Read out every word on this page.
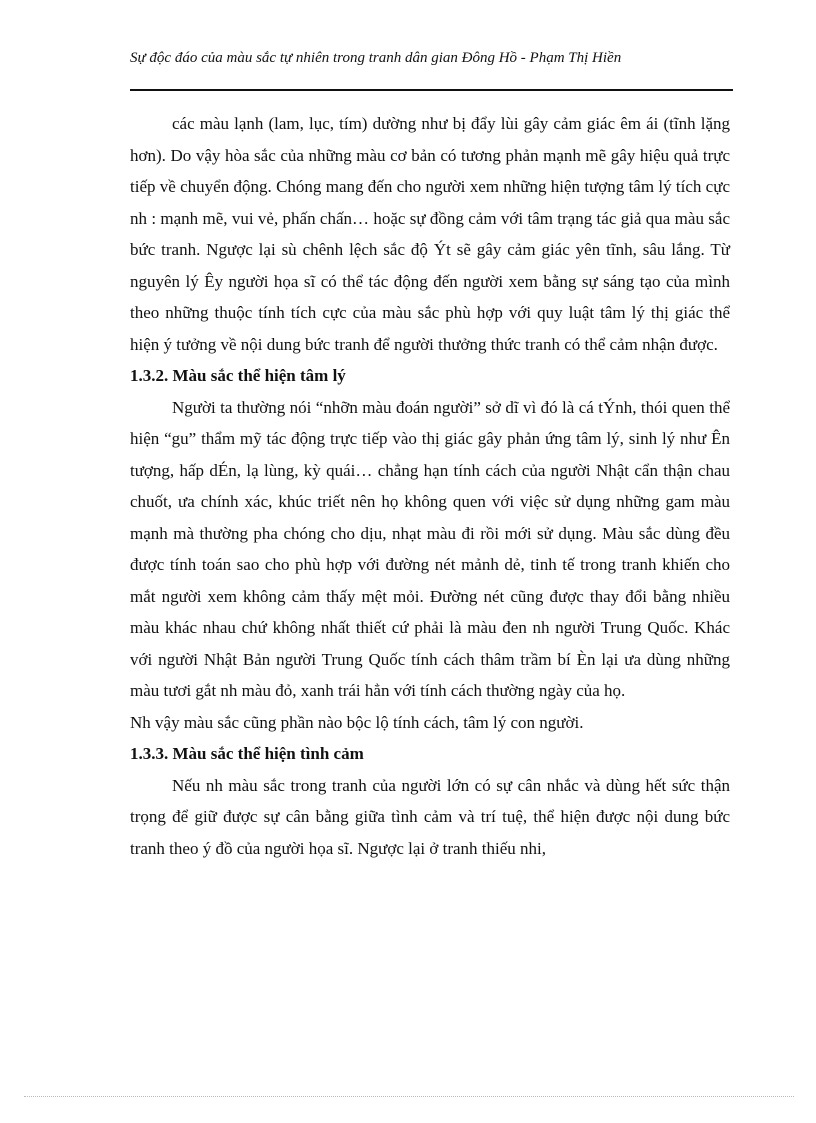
Sự độc đáo của màu sắc tự nhiên trong tranh dân gian Đông Hồ - Phạm Thị Hiền

các màu lạnh (lam, lục, tím) dường như bị đẩy lùi gây cảm giác êm ái (tĩnh lặng hơn). Do vậy hòa sắc của những màu cơ bản có tương phản mạnh mẽ gây hiệu quả trực tiếp về chuyển động. Chóng mang đến cho người xem những hiện tượng tâm lý tích cực nh : mạnh mẽ, vui vẻ, phấn chấn… hoặc sự đồng cảm với tâm trạng tác giả qua màu sắc bức tranh. Ngược lại sù chênh lệch sắc độ Ýt sẽ gây cảm giác yên tĩnh, sâu lắng. Từ nguyên lý Êy người họa sĩ có thể tác động đến người xem bằng sự sáng tạo của mình theo những thuộc tính tích cực của màu sắc phù hợp với quy luật tâm lý thị giác thể hiện ý tưởng về nội dung bức tranh để người thưởng thức tranh có thể cảm nhận được.

1.3.2. Màu sắc thể hiện tâm lý

Người ta thường nói “nhỡn màu đoán người” sở dĩ vì đó là cá tÝnh, thói quen thể hiện “gu” thẩm mỹ tác động trực tiếp vào thị giác gây phản ứng tâm lý, sinh lý như Ên tượng, hấp dÉn, lạ lùng, kỳ quái… chẳng hạn tính cách của người Nhật cẩn thận chau chuốt, ưa chính xác, khúc triết nên họ không quen với việc sử dụng những gam màu mạnh mà thường pha chóng cho dịu, nhạt màu đi rồi mới sử dụng. Màu sắc dùng đều được tính toán sao cho phù hợp với đường nét mảnh dẻ, tinh tế trong tranh khiến cho mắt người xem không cảm thấy mệt mỏi. Đường nét cũng được thay đổi bằng nhiều màu khác nhau chứ không nhất thiết cứ phải là màu đen nh người Trung Quốc. Khác với người Nhật Bản người Trung Quốc tính cách thâm trầm bí Èn lại ưa dùng những màu tươi gắt nh màu đỏ, xanh trái hẳn với tính cách thường ngày của họ.

Nh vậy màu sắc cũng phần nào bộc lộ tính cách, tâm lý con người.

1.3.3. Màu sắc thể hiện tình cảm

Nếu nh màu sắc trong tranh của người lớn có sự cân nhắc và dùng hết sức thận trọng để giữ được sự cân bằng giữa tình cảm và trí tuệ, thể hiện được nội dung bức tranh theo ý đồ của người họa sĩ. Ngược lại ở tranh thiếu nhi,
